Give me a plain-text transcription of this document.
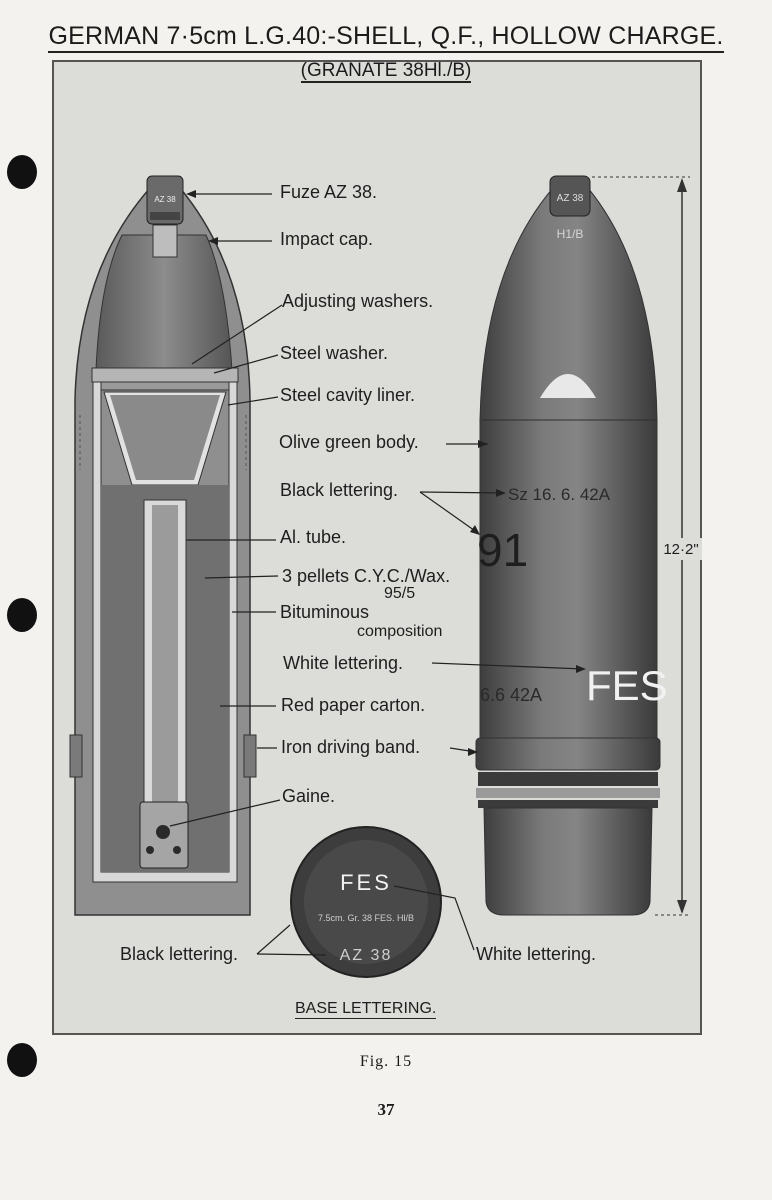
AZ 38	AZ 38
H1/B
Sz 16. 6. 42A
91
FES
6.6 42A
12·2"
FES
7.5cm. Gr. 38 FES. Hl/B
AZ 38
GERMAN 7·5cm L.G.40:-SHELL, Q.F., HOLLOW CHARGE.
(GRANATE 38Hl./B)
Fuze AZ 38.
Impact cap.
Adjusting washers.
Steel washer.
Steel cavity liner.
Olive green body.
Black lettering.
Al. tube.
3 pellets C.Y.C./Wax.
95/5
Bituminous
composition
White lettering.
Red paper carton.
Iron driving band.
Gaine.
Black lettering.	White lettering.
BASE LETTERING.
Fig. 15
37
